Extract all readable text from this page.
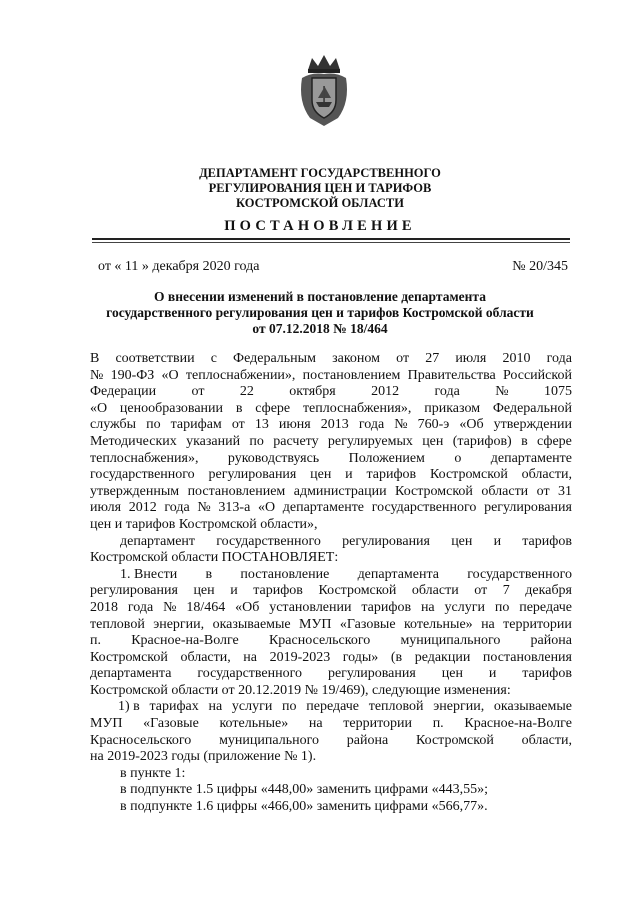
ДЕПАРТАМЕНТ ГОСУДАРСТВЕННОГО
РЕГУЛИРОВАНИЯ ЦЕН И ТАРИФОВ
КОСТРОМСКОЙ ОБЛАСТИ
ПОСТАНОВЛЕНИЕ
от « 11 » декабря 2020 года	№ 20/345
О внесении изменений в постановление департамента
государственного регулирования цен и тарифов Костромской области
от 07.12.2018 № 18/464
В соответствии с Федеральным законом от 27 июля 2010 года
№ 190-ФЗ «О теплоснабжении», постановлением Правительства Российской
Федерации	от	22	октября	2012	года	№	1075
«О ценообразовании в сфере теплоснабжения», приказом Федеральной
службы по тарифам от 13 июня 2013 года № 760-э «Об утверждении
Методических указаний по расчету регулируемых цен (тарифов) в сфере
теплоснабжения», руководствуясь Положением о департаменте
государственного регулирования цен и тарифов Костромской области,
утвержденным постановлением администрации Костромской области от 31
июля 2012 года № 313-а «О департаменте государственного регулирования
цен и тарифов Костромской области»,
департамент государственного регулирования цен и тарифов
Костромской области ПОСТАНОВЛЯЕТ:
1. Внести в постановление департамента государственного
регулирования цен и тарифов Костромской области от 7 декабря
2018 года № 18/464 «Об установлении тарифов на услуги по передаче
тепловой энергии, оказываемые МУП «Газовые котельные» на территории
п. Красное-на-Волге Красносельского муниципального района
Костромской области, на 2019-2023 годы» (в редакции постановления
департамента государственного регулирования цен и тарифов
Костромской области от 20.12.2019 № 19/469), следующие изменения:
1) в тарифах на услуги по передаче тепловой энергии, оказываемые
МУП «Газовые котельные» на территории п. Красное-на-Волге
Красносельского муниципального района Костромской области,
на 2019-2023 годы (приложение № 1).
в пункте 1:
в подпункте 1.5 цифры «448,00» заменить цифрами «443,55»;
в подпункте 1.6 цифры «466,00» заменить цифрами «566,77».
